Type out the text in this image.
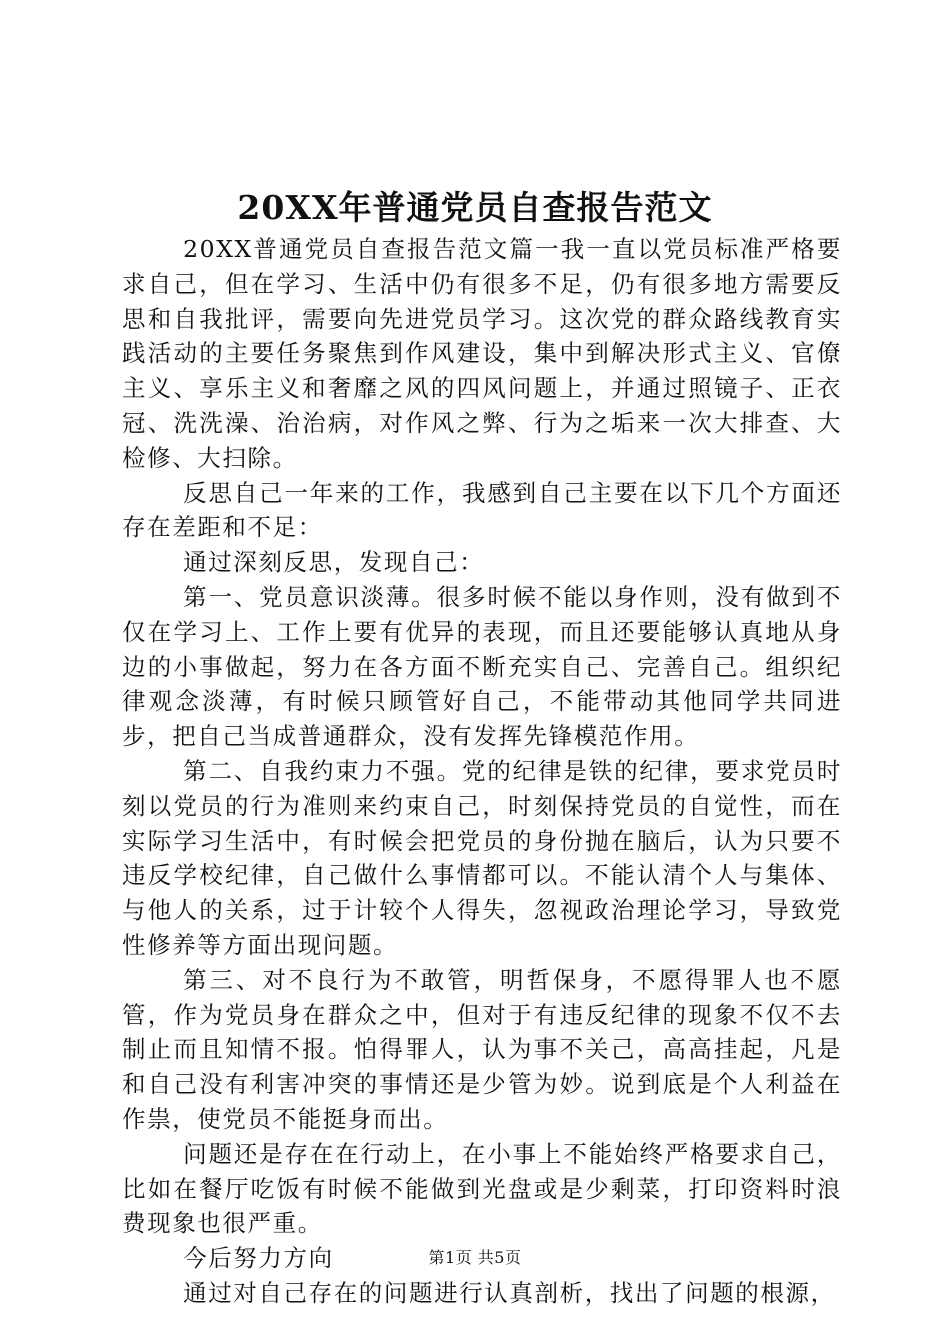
20XX年普通党员自查报告范文

20XX普通党员自查报告范文篇一我一直以党员标准严格要求自己，但在学习、生活中仍有很多不足，仍有很多地方需要反思和自我批评，需要向先进党员学习。这次党的群众路线教育实践活动的主要任务聚焦到作风建设，集中到解决形式主义、官僚主义、享乐主义和奢靡之风的四风问题上，并通过照镜子、正衣冠、洗洗澡、治治病，对作风之弊、行为之垢来一次大排查、大检修、大扫除。

反思自己一年来的工作，我感到自己主要在以下几个方面还存在差距和不足：

通过深刻反思，发现自己：

第一、党员意识淡薄。很多时候不能以身作则，没有做到不仅在学习上、工作上要有优异的表现，而且还要能够认真地从身边的小事做起，努力在各方面不断充实自己、完善自己。组织纪律观念淡薄，有时候只顾管好自己，不能带动其他同学共同进步，把自己当成普通群众，没有发挥先锋模范作用。

第二、自我约束力不强。党的纪律是铁的纪律，要求党员时刻以党员的行为准则来约束自己，时刻保持党员的自觉性，而在实际学习生活中，有时候会把党员的身份抛在脑后，认为只要不违反学校纪律，自己做什么事情都可以。不能认清个人与集体、与他人的关系，过于计较个人得失，忽视政治理论学习，导致党性修养等方面出现问题。

第三、对不良行为不敢管，明哲保身，不愿得罪人也不愿管，作为党员身在群众之中，但对于有违反纪律的现象不仅不去制止而且知情不报。怕得罪人，认为事不关己，高高挂起，凡是和自己没有利害冲突的事情还是少管为妙。说到底是个人利益在作祟，使党员不能挺身而出。

问题还是存在在行动上，在小事上不能始终严格要求自己，比如在餐厅吃饭有时候不能做到光盘或是少剩菜，打印资料时浪费现象也很严重。

今后努力方向

通过对自己存在的问题进行认真剖析，找出了问题的根源，

第1页 共5页
